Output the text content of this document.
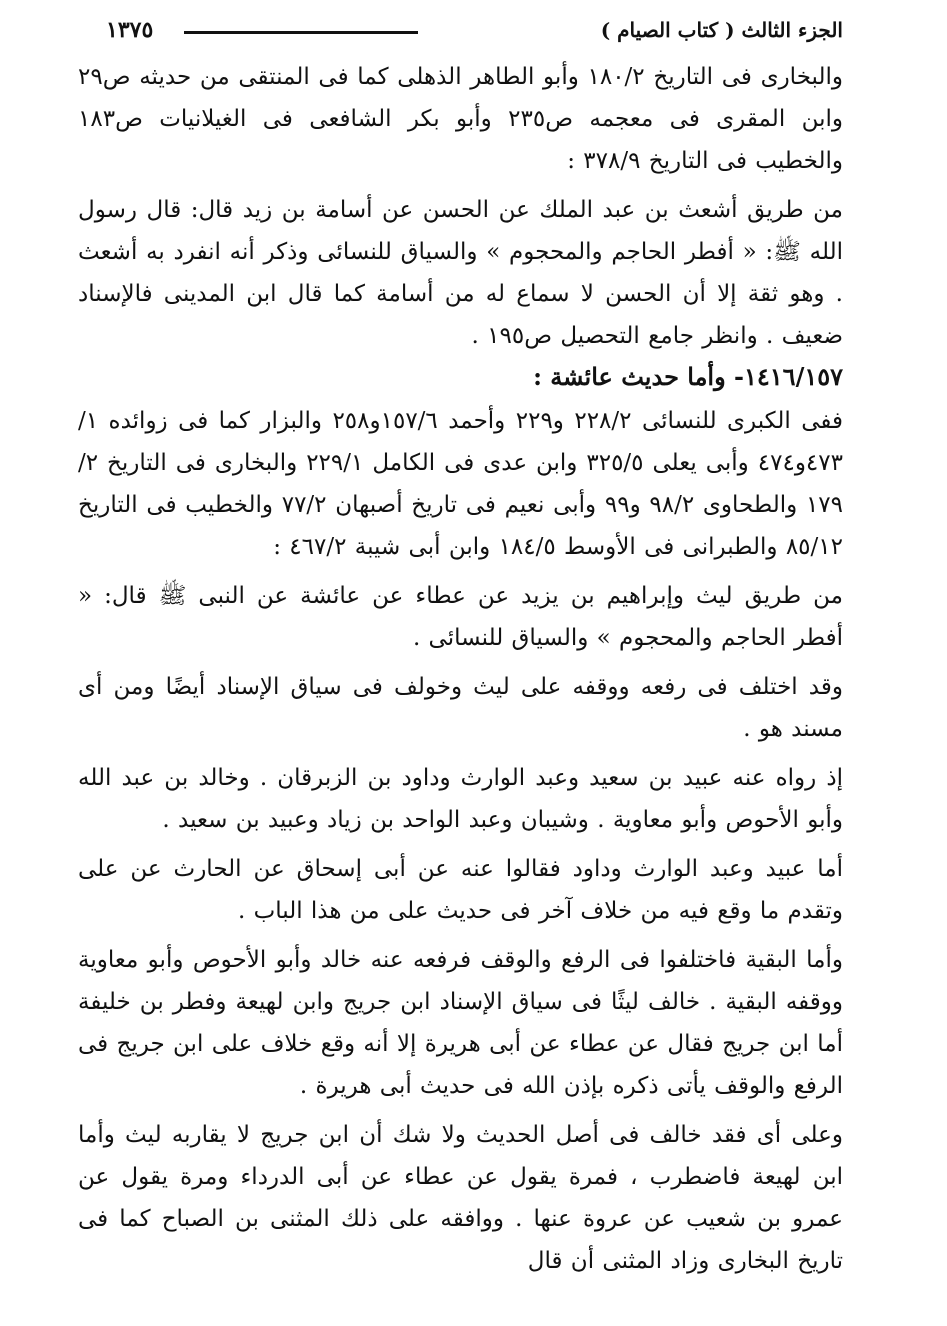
الجزء الثالث ( كتاب الصيام )
١٣٧٥

والبخارى فى التاريخ ١٨٠/٢ وأبو الطاهر الذهلى كما فى المنتقى من حديثه ص٢٩ وابن المقرى فى معجمه ص٢٣٥ وأبو بكر الشافعى فى الغيلانيات ص١٨٣ والخطيب فى التاريخ ٣٧٨/٩ :

من طريق أشعث بن عبد الملك عن الحسن عن أسامة بن زيد قال: قال رسول الله ﷺ: « أفطر الحاجم والمحجوم » والسياق للنسائى وذكر أنه انفرد به أشعث . وهو ثقة إلا أن الحسن لا سماع له من أسامة كما قال ابن المدينى فالإسناد ضعيف . وانظر جامع التحصيل ص١٩٥ .

١٤١٦/١٥٧- وأما حديث عائشة :

ففى الكبرى للنسائى ٢٢٨/٢ و٢٢٩ وأحمد ١٥٧/٦و٢٥٨ والبزار كما فى زوائده ١/ ٤٧٣و٤٧٤ وأبى يعلى ٣٢٥/٥ وابن عدى فى الكامل ٢٢٩/١ والبخارى فى التاريخ ٢/ ١٧٩ والطحاوى ٩٨/٢ و٩٩ وأبى نعيم فى تاريخ أصبهان ٧٧/٢ والخطيب فى التاريخ ٨٥/١٢ والطبرانى فى الأوسط ١٨٤/٥ وابن أبى شيبة ٤٦٧/٢ :

من طريق ليث وإبراهيم بن يزيد عن عطاء عن عائشة عن النبى ﷺ قال: « أفطر الحاجم والمحجوم » والسياق للنسائى .

وقد اختلف فى رفعه ووقفه على ليث وخولف فى سياق الإسناد أيضًا ومن أى مسند هو .

إذ رواه عنه عبيد بن سعيد وعبد الوارث وداود بن الزبرقان . وخالد بن عبد الله وأبو الأحوص وأبو معاوية . وشيبان وعبد الواحد بن زياد وعبيد بن سعيد .

أما عبيد وعبد الوارث وداود فقالوا عنه عن أبى إسحاق عن الحارث عن على وتقدم ما وقع فيه من خلاف آخر فى حديث على من هذا الباب .

وأما البقية فاختلفوا فى الرفع والوقف فرفعه عنه خالد وأبو الأحوص وأبو معاوية ووقفه البقية . خالف ليثًا فى سياق الإسناد ابن جريج وابن لهيعة وفطر بن خليفة أما ابن جريج فقال عن عطاء عن أبى هريرة إلا أنه وقع خلاف على ابن جريج فى الرفع والوقف يأتى ذكره بإذن الله فى حديث أبى هريرة .

وعلى أى فقد خالف فى أصل الحديث ولا شك أن ابن جريج لا يقاربه ليث وأما ابن لهيعة فاضطرب ، فمرة يقول عن عطاء عن أبى الدرداء ومرة يقول عن عمرو بن شعيب عن عروة عنها . ووافقه على ذلك المثنى بن الصباح كما فى تاريخ البخارى وزاد المثنى أن قال
